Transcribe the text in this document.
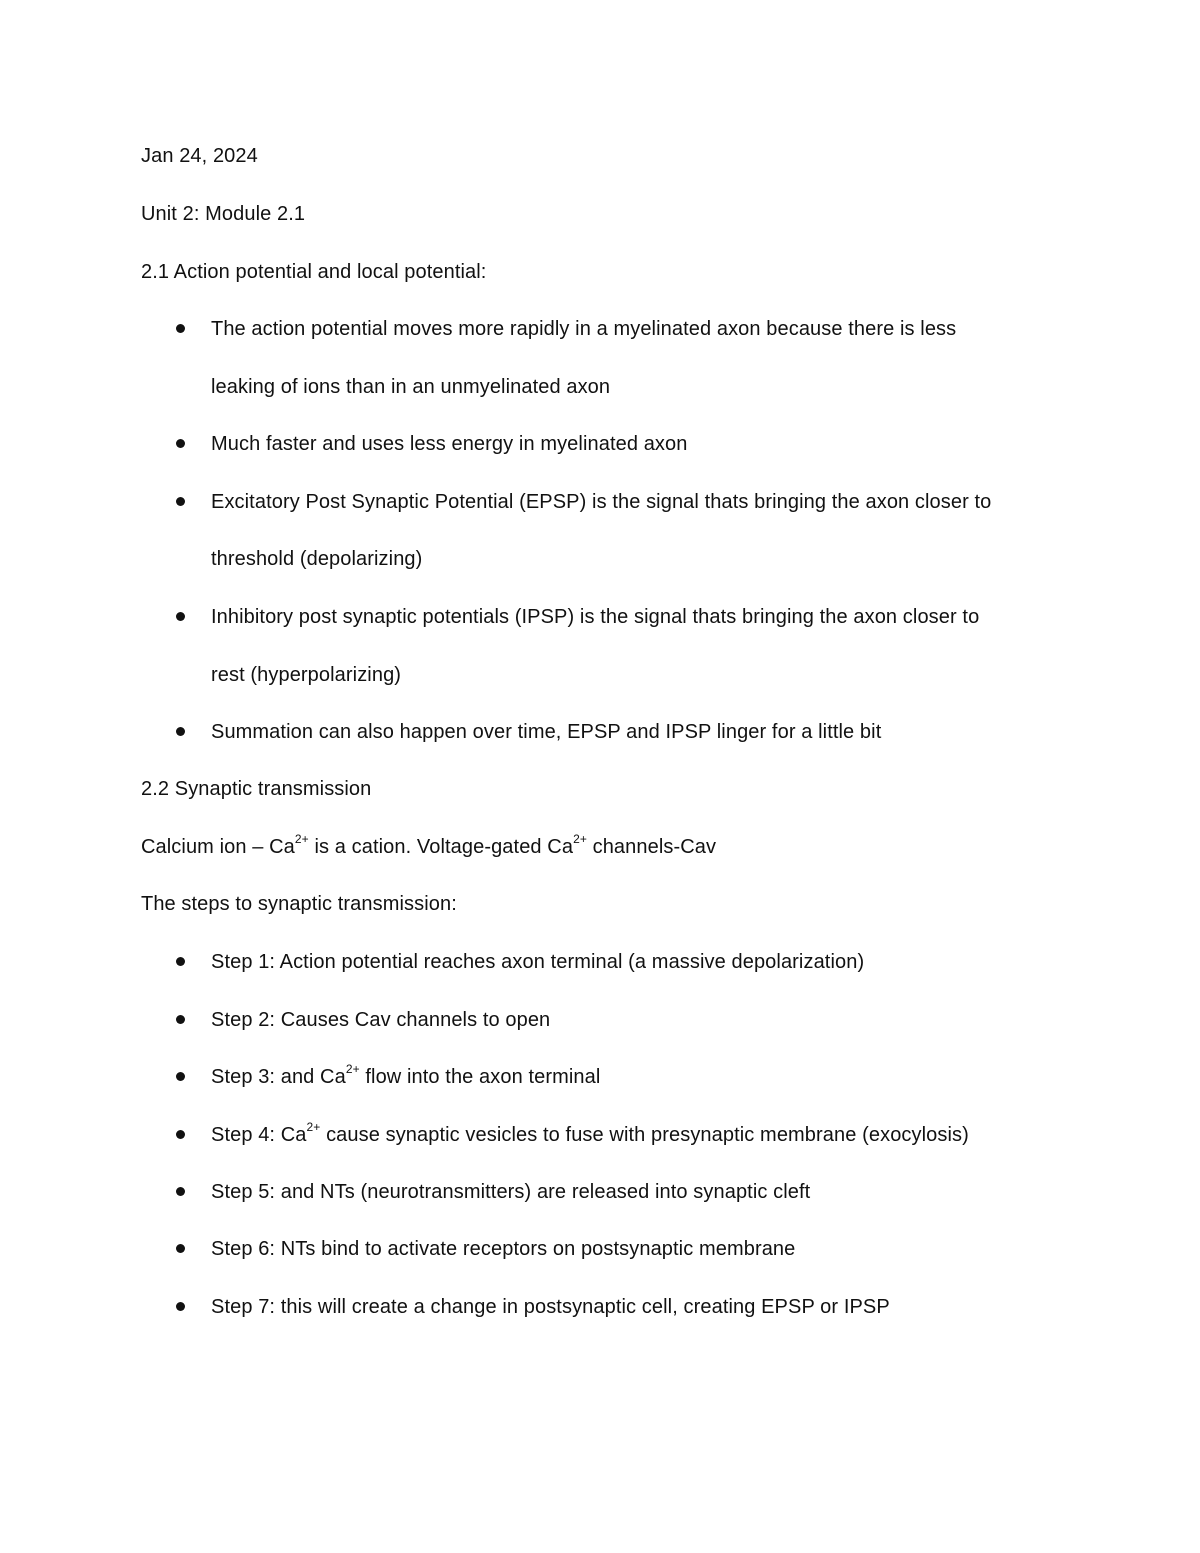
Jan 24, 2024
Unit 2: Module 2.1
2.1 Action potential and local potential:
The action potential moves more rapidly in a myelinated axon because there is less
leaking of ions than in an unmyelinated axon
Much faster and uses less energy in myelinated axon
Excitatory Post Synaptic Potential (EPSP) is the signal thats bringing the axon closer to
threshold (depolarizing)
Inhibitory post synaptic potentials (IPSP) is the signal thats bringing the axon closer to
rest (hyperpolarizing)
Summation can also happen over time, EPSP and IPSP linger for a little bit
2.2 Synaptic transmission
Calcium ion – $Ca^{2+}$ is a cation. Voltage-gated $Ca^{2+}$ channels-Cav
The steps to synaptic transmission:
Step 1: Action potential reaches axon terminal (a massive depolarization)
Step 2: Causes Cav channels to open
Step 3: and $Ca^{2+}$ flow into the axon terminal
Step 4: $Ca^{2+}$ cause synaptic vesicles to fuse with presynaptic membrane (exocylosis)
Step 5: and NTs (neurotransmitters) are released into synaptic cleft
Step 6: NTs bind to activate receptors on postsynaptic membrane
Step 7: this will create a change in postsynaptic cell, creating EPSP or IPSP
